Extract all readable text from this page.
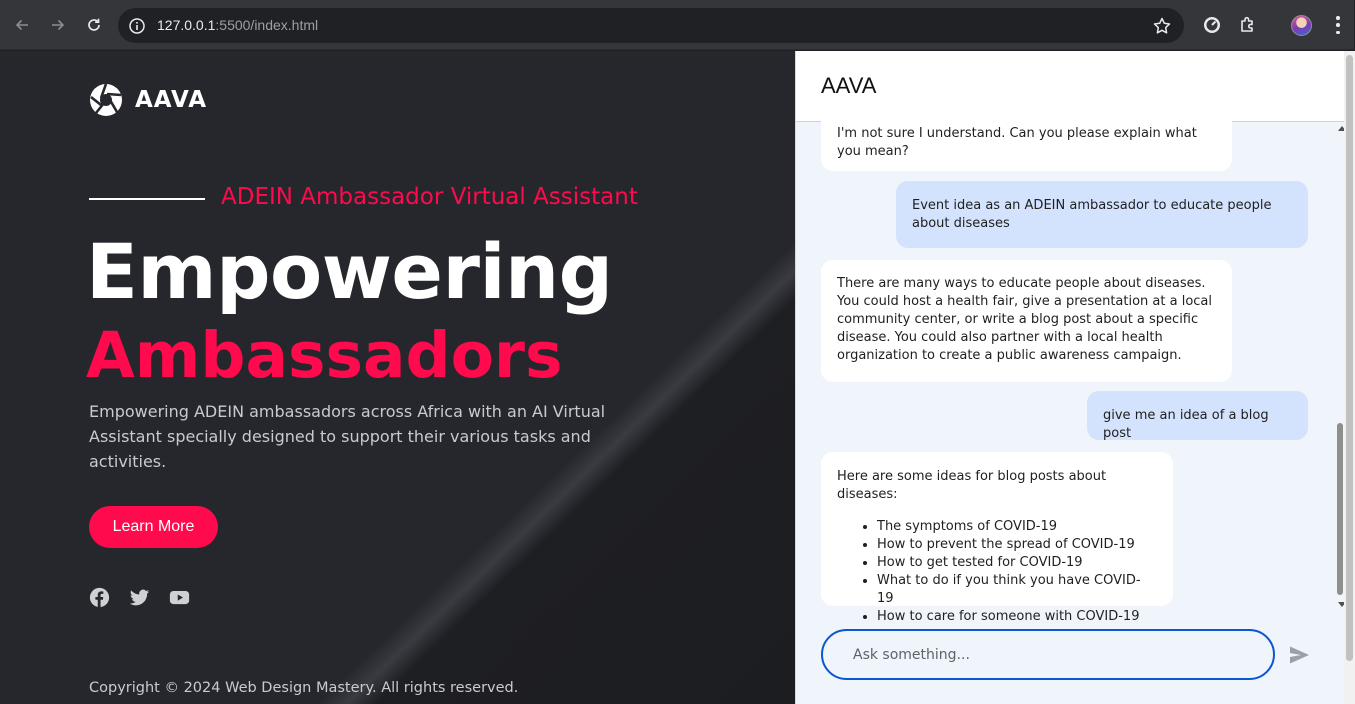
127.0.0.1:5500/index.html
AAVA
ADEIN Ambassador Virtual Assistant
Empowering
Ambassadors

Empowering ADEIN ambassadors across Africa with an AI Virtual Assistant specially designed to support their various tasks and activities.

Learn More
Copyright © 2024 Web Design Mastery. All rights reserved.
AAVA
I'm not sure I understand. Can you please explain what you mean?
Event idea as an ADEIN ambassador to educate people about diseases
There are many ways to educate people about diseases. You could host a health fair, give a presentation at a local community center, or write a blog post about a specific disease. You could also partner with a local health organization to create a public awareness campaign.
give me an idea of a blog post
Here are some ideas for blog posts about diseases:
• The symptoms of COVID-19
• How to prevent the spread of COVID-19
• How to get tested for COVID-19
• What to do if you think you have COVID-19
• How to care for someone with COVID-19
Ask something...
